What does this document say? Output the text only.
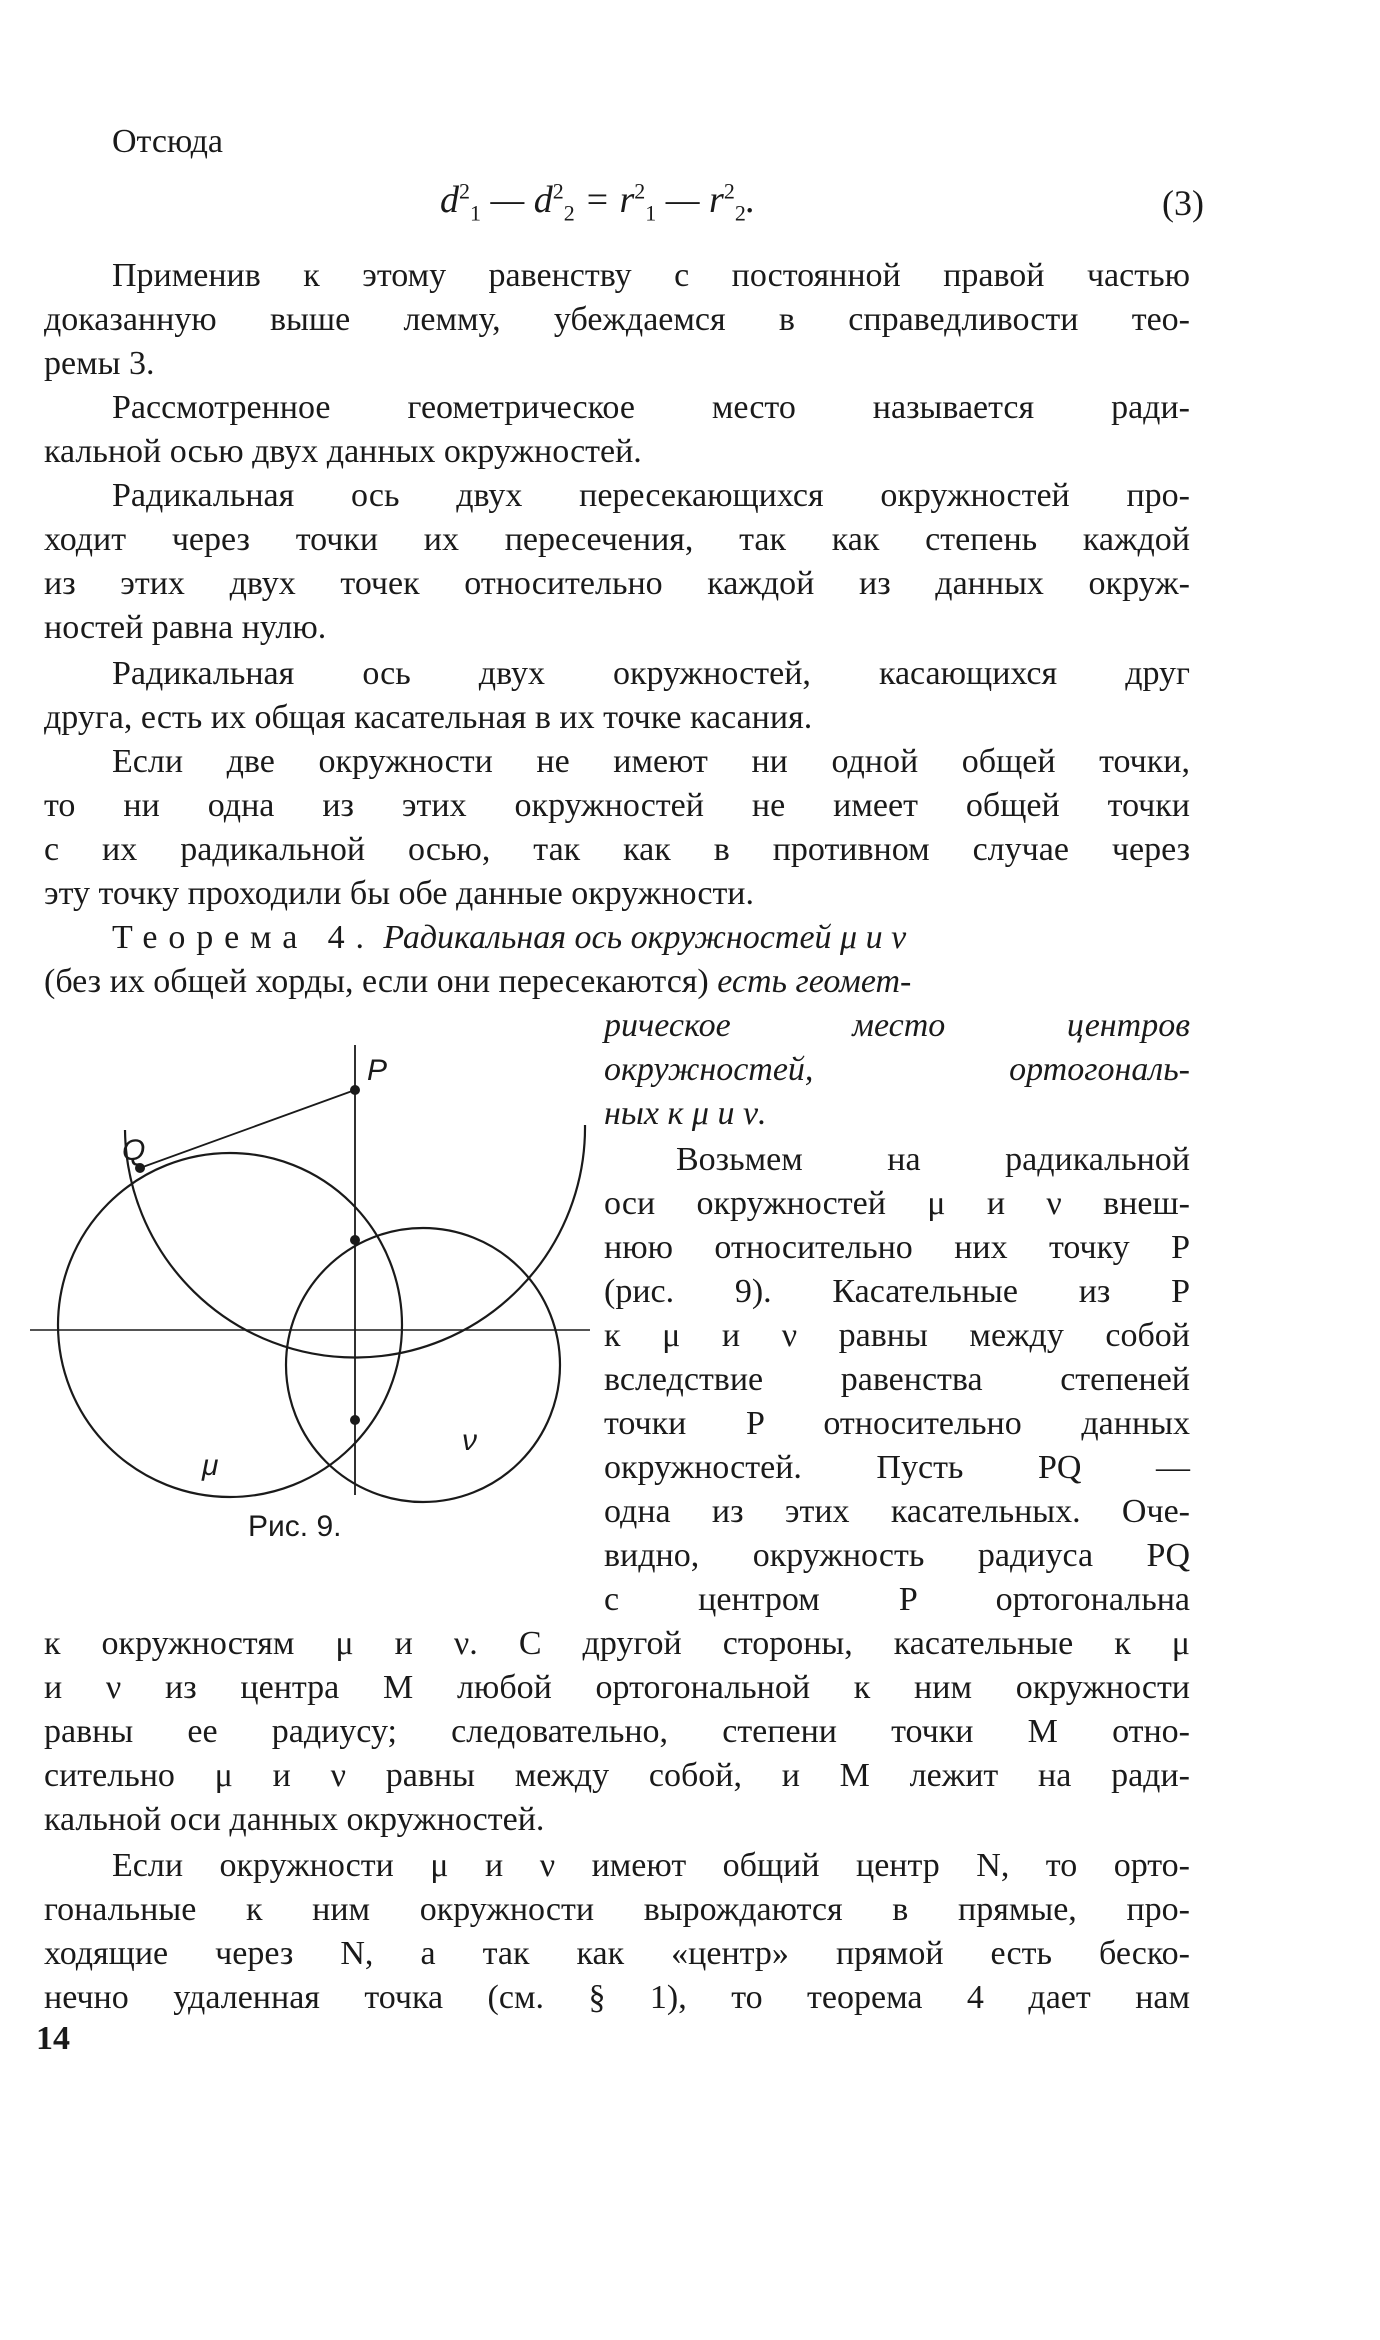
Отсюда
$d^2_1$ — $d^2_2 = r^2_1$ — $r^2_2$.	(3)
Применив к этому равенству с постоянной правой частью
доказанную выше лемму, убеждаемся в справедливости тео-
ремы 3.
Рассмотренное геометрическое место называется ради-
кальной осью двух данных окружностей.
Радикальная ось двух пересекающихся окружностей про-
ходит через точки их пересечения, так как степень каждой
из этих двух точек относительно каждой из данных окруж-
ностей равна нулю.
Радикальная ось двух окружностей, касающихся друг
друга, есть их общая касательная в их точке касания.
Если две окружности не имеют ни одной общей точки,
то ни одна из этих окружностей не имеет общей точки
с их радикальной осью, так как в противном случае через
эту точку проходили бы обе данные окружности.
Теорема 4. Радикальная ось окружностей μ и ν
(без их общей хорды, если они пересекаются) есть геомет-
рическое место центров
окружностей, ортогональ-
ных к μ и ν.
Возьмем на радикальной
оси окружностей μ и ν внеш-
нюю относительно них точку P
(рис. 9). Касательные из P
к μ и ν равны между собой
вследствие равенства степеней
точки P относительно данных
окружностей. Пусть PQ —
одна из этих касательных. Оче-
видно, окружность радиуса PQ
с центром P ортогональна
к окружностям μ и ν. С другой стороны, касательные к μ
и ν из центра M любой ортогональной к ним окружности
равны ее радиусу; следовательно, степени точки M отно-
сительно μ и ν равны между собой, и M лежит на ради-
кальной оси данных окружностей.
Если окружности μ и ν имеют общий центр N, то орто-
гональные к ним окружности вырождаются в прямые, про-
ходящие через N, а так как «центр» прямой есть беско-
нечно удаленная точка (см. § 1), то теорема 4 дает нам
14
P
Q
μ
ν
Рис. 9.
